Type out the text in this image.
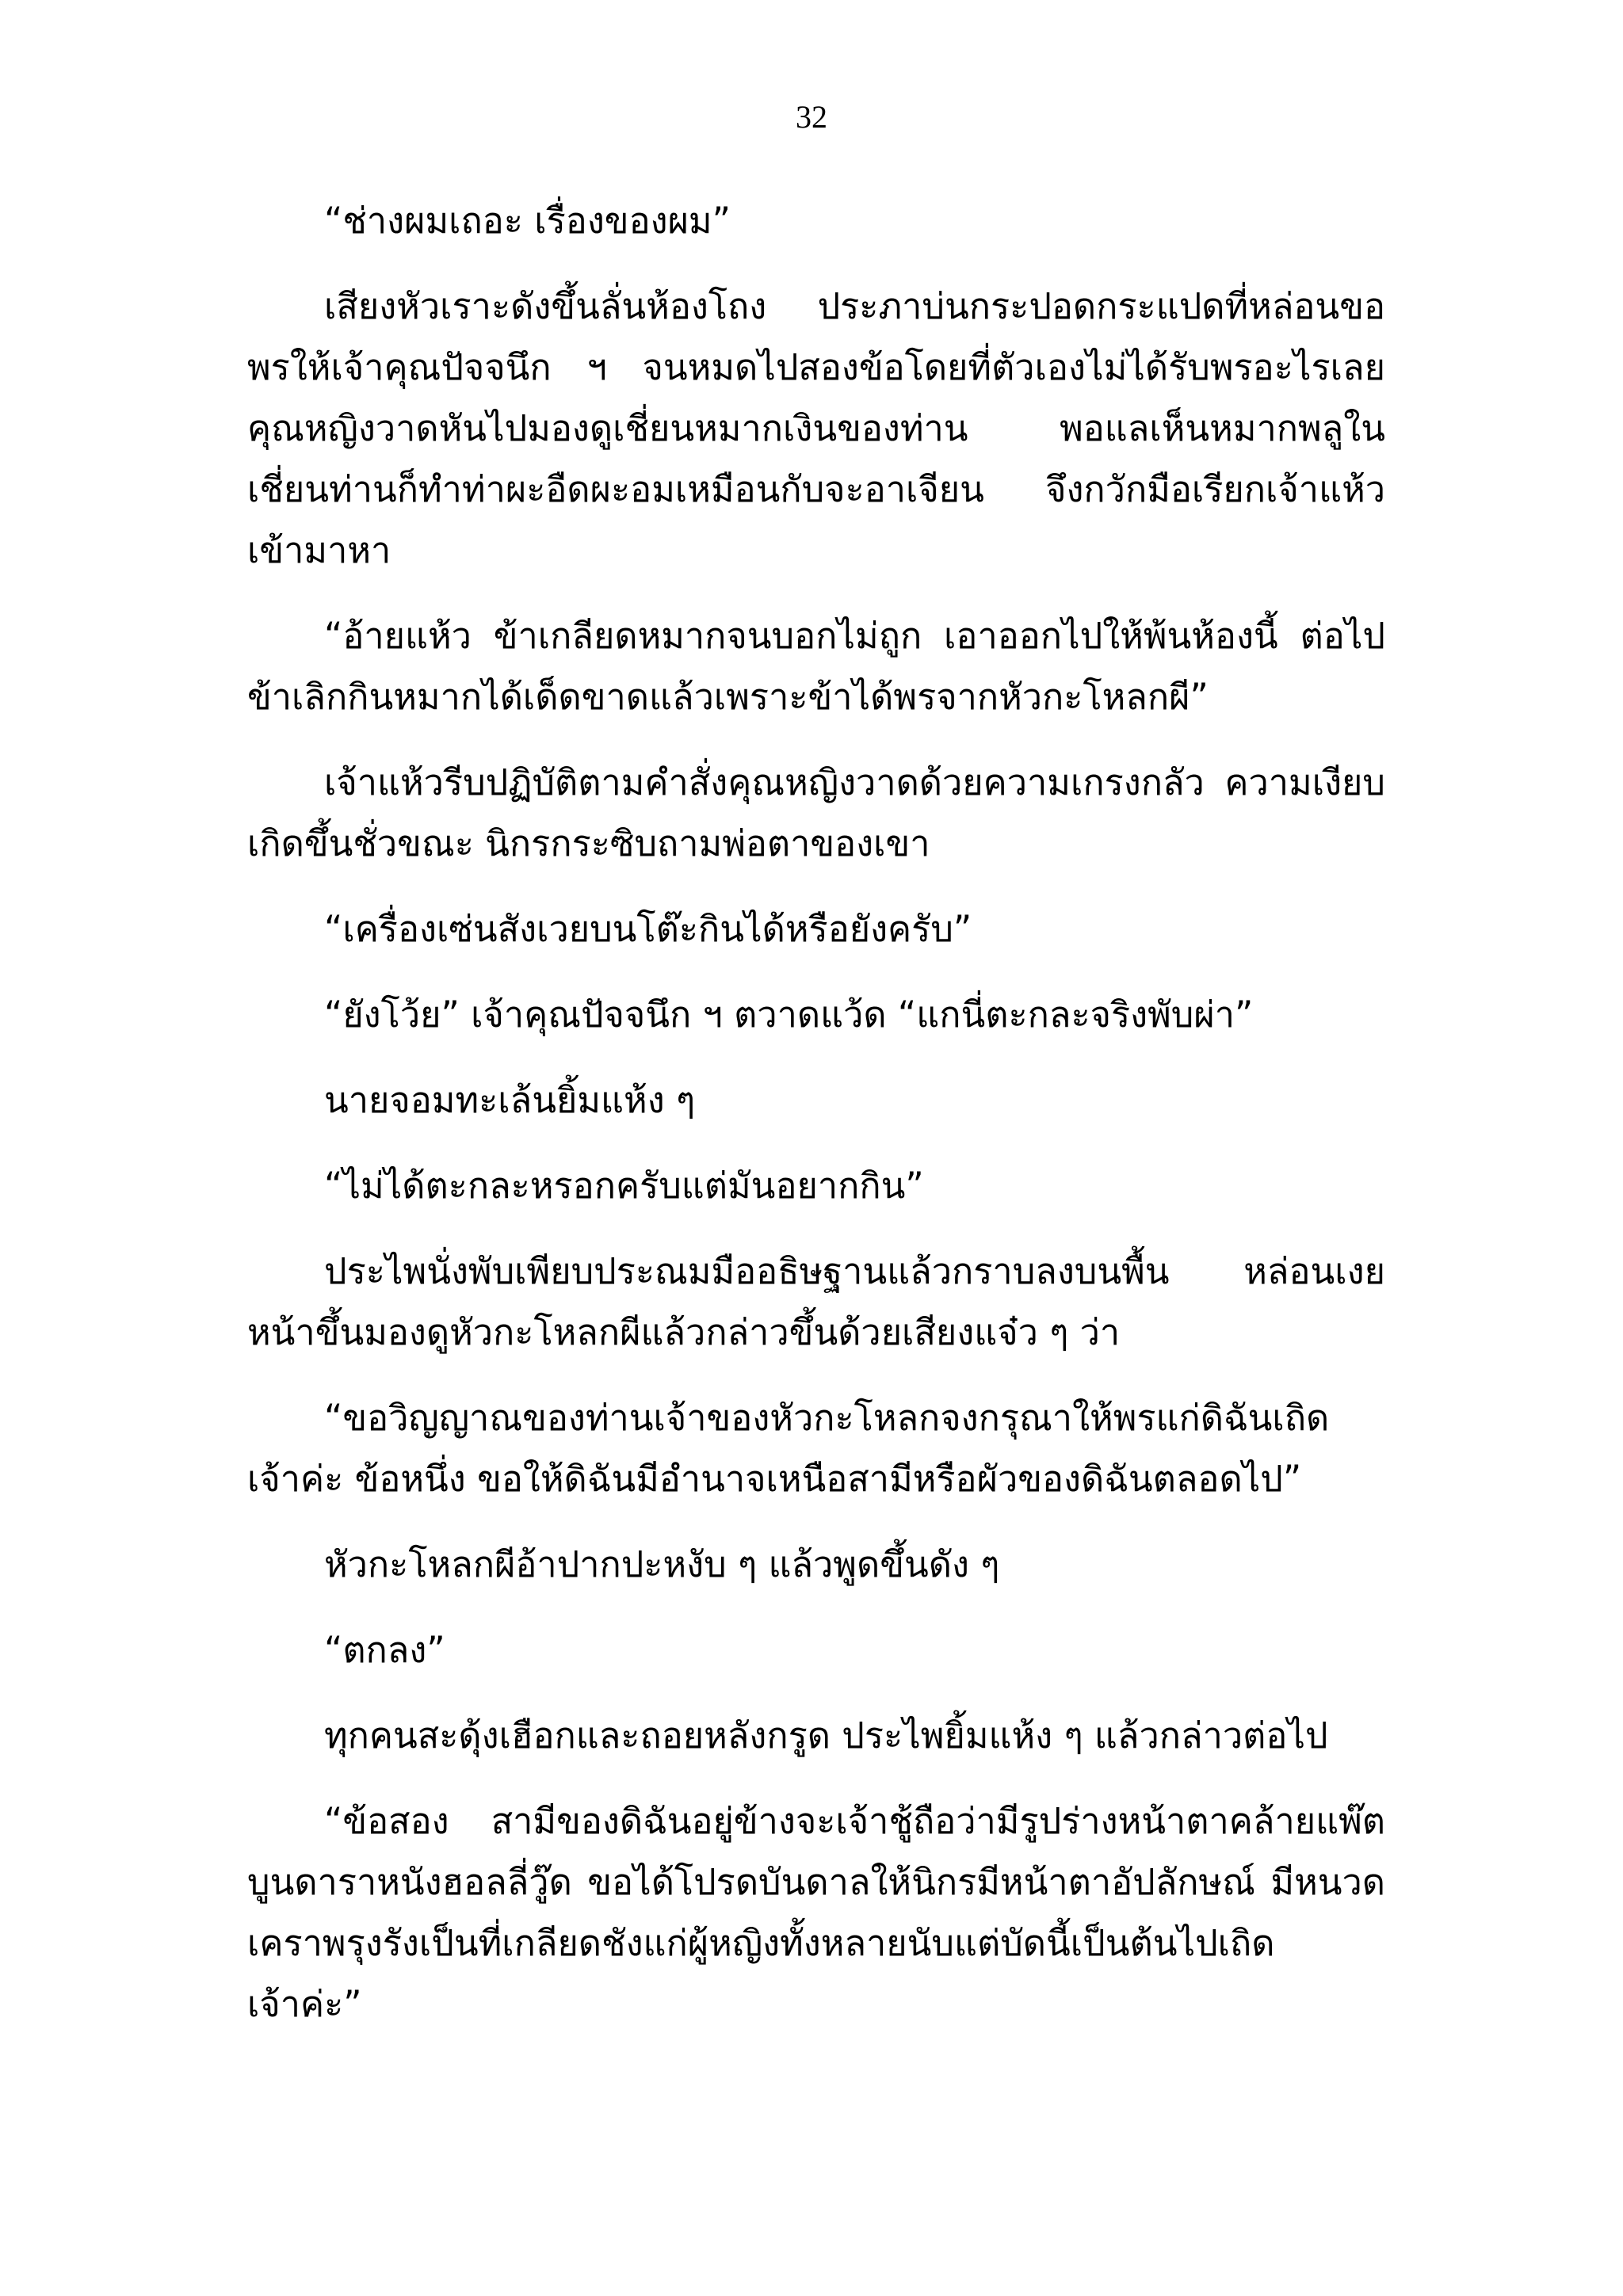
32

“ช่างผมเถอะ เรื่องของผม”

เสียงหัวเราะดังขึ้นลั่นห้องโถง ประภาบ่นกระปอดกระแปดที่หล่อนขอพรให้เจ้าคุณปัจจนึก ฯ จนหมดไปสองข้อโดยที่ตัวเองไม่ได้รับพรอะไรเลย คุณหญิงวาดหันไปมองดูเชี่ยนหมากเงินของท่าน พอแลเห็นหมากพลูในเชี่ยนท่านก็ทำท่าผะอืดผะอมเหมือนกับจะอาเจียน จึงกวักมือเรียกเจ้าแห้วเข้ามาหา

“อ้ายแห้ว ข้าเกลียดหมากจนบอกไม่ถูก เอาออกไปให้พ้นห้องนี้ ต่อไปข้าเลิกกินหมากได้เด็ดขาดแล้วเพราะข้าได้พรจากหัวกะโหลกผี”

เจ้าแห้วรีบปฏิบัติตามคำสั่งคุณหญิงวาดด้วยความเกรงกลัว ความเงียบเกิดขึ้นชั่วขณะ นิกรกระซิบถามพ่อตาของเขา

“เครื่องเซ่นสังเวยบนโต๊ะกินได้หรือยังครับ”

“ยังโว้ย” เจ้าคุณปัจจนึก ฯ ตวาดแว้ด “แกนี่ตะกละจริงพับผ่า”

นายจอมทะเล้นยิ้มแห้ง ๆ

“ไม่ได้ตะกละหรอกครับแต่มันอยากกิน”

ประไพนั่งพับเพียบประณมมืออธิษฐานแล้วกราบลงบนพื้น หล่อนเงยหน้าขึ้นมองดูหัวกะโหลกผีแล้วกล่าวขึ้นด้วยเสียงแจ๋ว ๆ ว่า

“ขอวิญญาณของท่านเจ้าของหัวกะโหลกจงกรุณาให้พรแก่ดิฉันเถิดเจ้าค่ะ ข้อหนึ่ง ขอให้ดิฉันมีอำนาจเหนือสามีหรือผัวของดิฉันตลอดไป”

หัวกะโหลกผีอ้าปากปะหงับ ๆ แล้วพูดขึ้นดัง ๆ

“ตกลง”

ทุกคนสะดุ้งเฮือกและถอยหลังกรูด ประไพยิ้มแห้ง ๆ แล้วกล่าวต่อไป

“ข้อสอง สามีของดิฉันอยู่ข้างจะเจ้าชู้ถือว่ามีรูปร่างหน้าตาคล้ายแพ๊ต บูนดาราหนังฮอลลี่วู๊ด ขอได้โปรดบันดาลให้นิกรมีหน้าตาอัปลักษณ์ มีหนวดเคราพรุงรังเป็นที่เกลียดชังแก่ผู้หญิงทั้งหลายนับแต่บัดนี้เป็นต้นไปเถิดเจ้าค่ะ”
